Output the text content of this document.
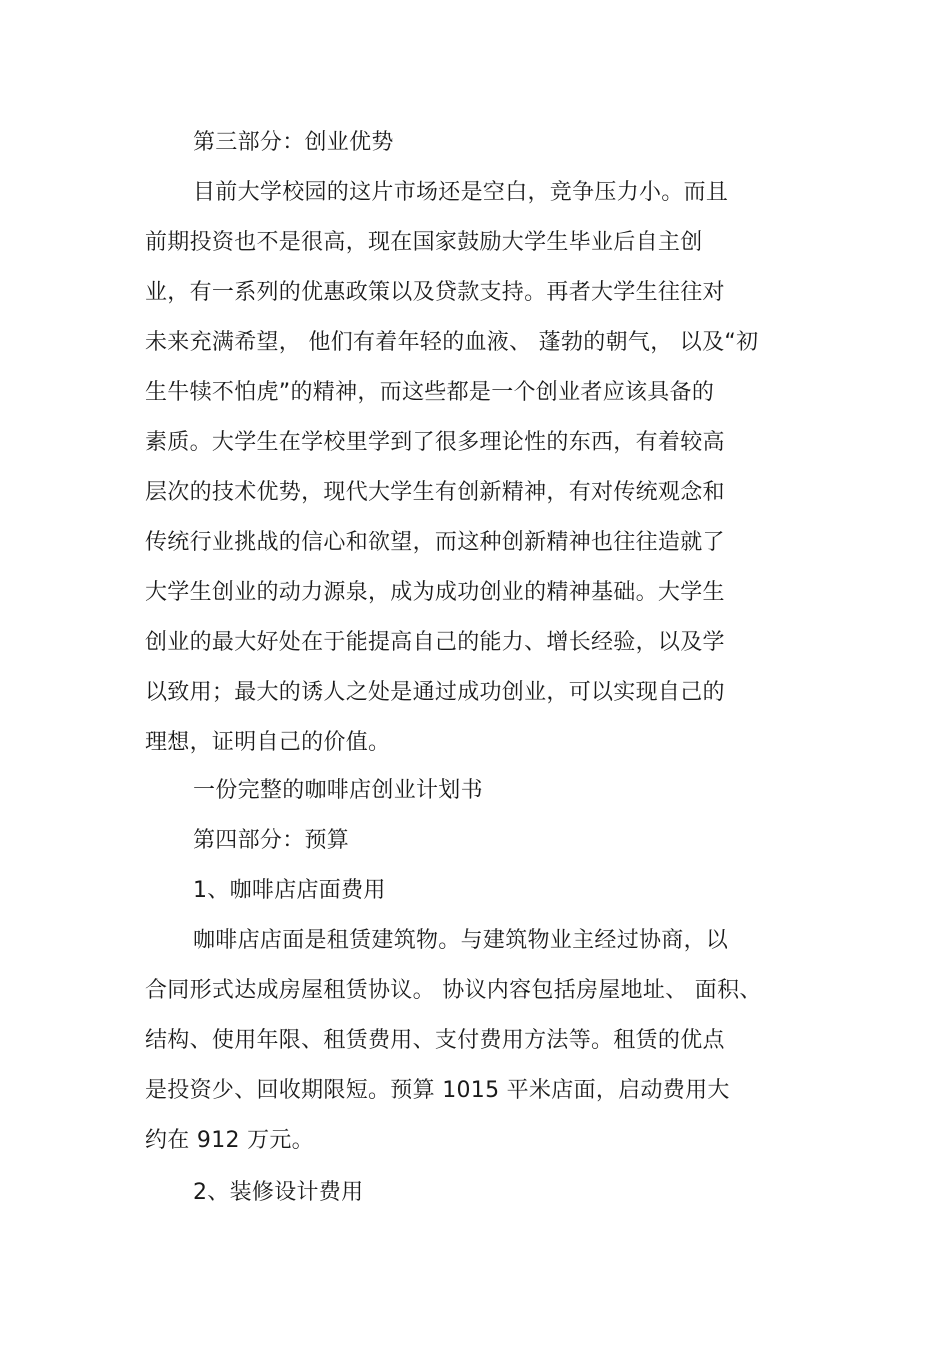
第三部分：创业优势
目前大学校园的这片市场还是空白，竞争压力小。而且
前期投资也不是很高，现在国家鼓励大学生毕业后自主创
业，有一系列的优惠政策以及贷款支持。再者大学生往往对
未来充满希望， 他们有着年轻的血液、 蓬勃的朝气， 以及“初
生牛犊不怕虎”的精神，而这些都是一个创业者应该具备的
素质。大学生在学校里学到了很多理论性的东西，有着较高
层次的技术优势，现代大学生有创新精神，有对传统观念和
传统行业挑战的信心和欲望，而这种创新精神也往往造就了
大学生创业的动力源泉，成为成功创业的精神基础。大学生
创业的最大好处在于能提高自己的能力、增长经验，以及学
以致用；最大的诱人之处是通过成功创业，可以实现自己的
理想，证明自己的价值。
一份完整的咖啡店创业计划书
第四部分：预算
1、咖啡店店面费用
咖啡店店面是租赁建筑物。与建筑物业主经过协商，以
合同形式达成房屋租赁协议。 协议内容包括房屋地址、 面积、
结构、使用年限、租赁费用、支付费用方法等。租赁的优点
是投资少、回收期限短。预算 1015 平米店面，启动费用大
约在 912 万元。
2、装修设计费用
